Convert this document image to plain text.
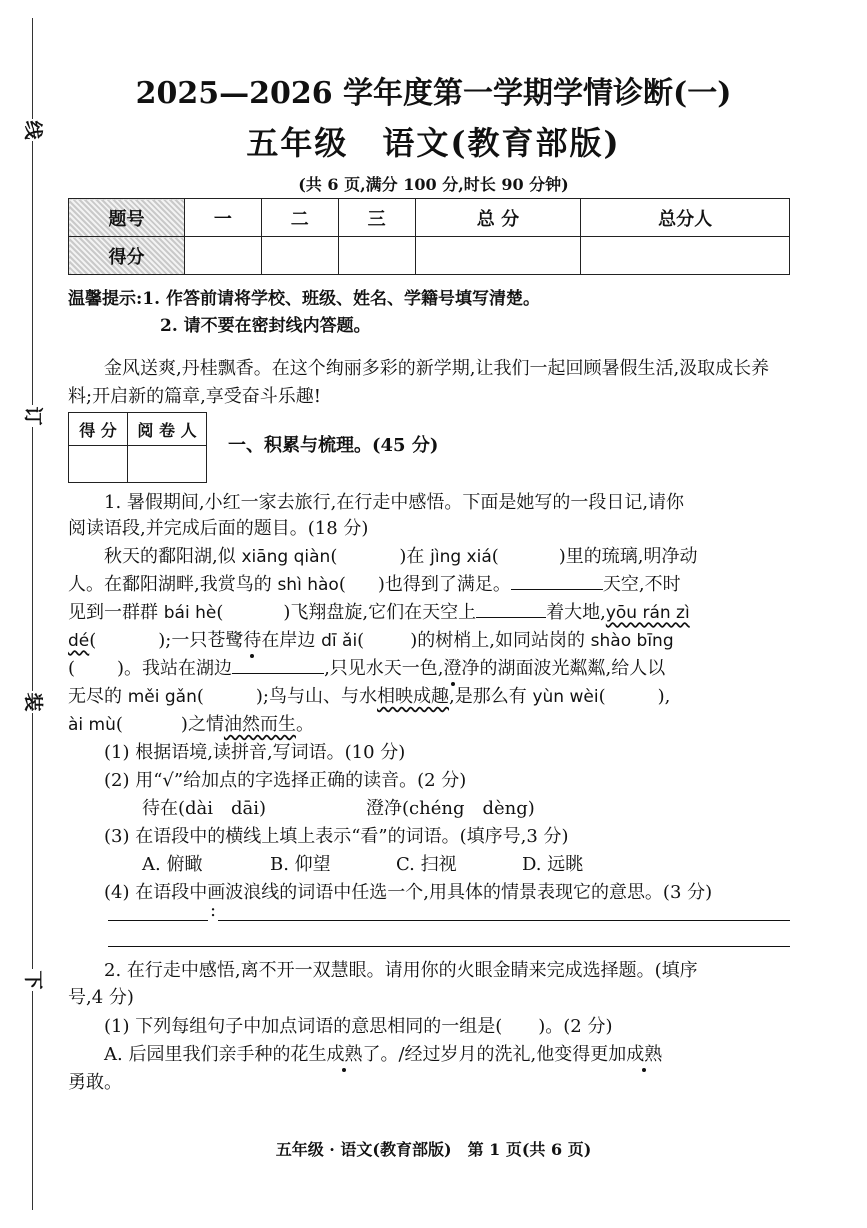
线
订
装
下
2025—2026 学年度第一学期学情诊断(一)
五年级　语文(教育部版)
(共 6 页,满分 100 分,时长 90 分钟)
题号	一	二	三	总 分	总分人
得分					
温馨提示:1. 作答前请将学校、班级、姓名、学籍号填写清楚。
2. 请不要在密封线内答题。
金风送爽,丹桂飘香。在这个绚丽多彩的新学期,让我们一起回顾暑假生活,汲取成长养料;开启新的篇章,享受奋斗乐趣!
得 分	阅 卷 人

一、积累与梳理。(45 分)
1. 暑假期间,小红一家去旅行,在行走中感悟。下面是她写的一段日记,请你
阅读语段,并完成后面的题目。(18 分)
秋天的鄱阳湖,似 xiāng qiàn(	)在 jìng xiá(	)里的琉璃,明净动
人。在鄱阳湖畔,我赏鸟的 shì hào( )也得到了满足。	天空,不时
见到一群群 bái hè(	)飞翔盘旋,它们在天空上	着大地,yōu rán zì
dé(	);一只苍鹭待在岸边 dī ǎi(	)的树梢上,如同站岗的 shào bīng
( )。我站在湖边	,只见水天一色,澄净的湖面波光粼粼,给人以
无尽的 měi gǎn(	);鸟与山、与水相映成趣,是那么有 yùn wèi(	),
ài mù(	)之情油然而生。
(1) 根据语境,读拼音,写词语。(10 分)
(2) 用“√”给加点的字选择正确的读音。(2 分)
待在(dài　dāi)	澄净(chéng　dèng)
(3) 在语段中的横线上填上表示“看”的词语。(填序号,3 分)
A. 俯瞰	B. 仰望	C. 扫视	D. 远眺
(4) 在语段中画波浪线的词语中任选一个,用具体的情景表现它的意思。(3 分)
:
2. 在行走中感悟,离不开一双慧眼。请用你的火眼金睛来完成选择题。(填序
号,4 分)
(1) 下列每组句子中加点词语的意思相同的一组是(　　)。(2 分)
A. 后园里我们亲手种的花生成熟了。/经过岁月的洗礼,他变得更加成熟
勇敢。
五年级 · 语文(教育部版)　第 1 页(共 6 页)
